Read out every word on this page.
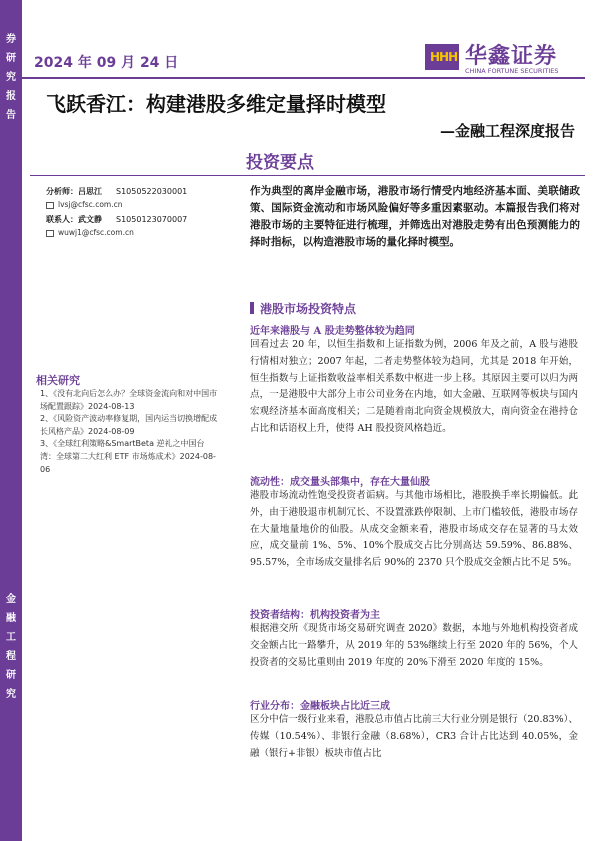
券
研
究
报
告
金
融
工
程
研
究
2024 年 09 月 24 日	HHH 华鑫证券
CHINA FORTUNE SECURITIES
飞跃香江：构建港股多维定量择时模型
—金融工程深度报告
投资要点
分析师：吕思江 S1050522030001
lvsj@cfsc.com.cn
联系人：武文静 S1050123070007
wuwj1@cfsc.com.cn
作为典型的离岸金融市场，港股市场行情受内地经济基本面、美联储政策、国际资金流动和市场风险偏好等多重因素驱动。本篇报告我们将对港股市场的主要特征进行梳理，并筛选出对港股走势有出色预测能力的择时指标，以构造港股市场的量化择时模型。
相关研究
1、《没有北向后怎么办？全球资金流向和对中国市场配置跟踪》2024-08-13
2、《风险资产波动率修复期，国内运当切换增配成长风格产品》2024-08-09
3、《全球红利策略&SmartBeta 逆礼之中国台湾：全球第二大红利 ETF 市场炼成术》2024-08-06
港股市场投资特点
近年来港股与 A 股走势整体较为趋同
回看过去 20 年，以恒生指数和上证指数为例，2006 年及之前，A 股与港股行情相对独立；2007 年起，二者走势整体较为趋同，尤其是 2018 年开始，恒生指数与上证指数收益率相关系数中枢进一步上移。其原因主要可以归为两点，一是港股中大部分上市公司业务在内地，如大金融、互联网等板块与国内宏观经济基本面高度相关；二是随着南北向资金规模放大，南向资金在港持仓占比和话语权上升，使得 AH 股投资风格趋近。
流动性：成交量头部集中，存在大量仙股
港股市场流动性饱受投资者诟病。与其他市场相比，港股换手率长期偏低。此外，由于港股退市机制冗长、不设置涨跌停限制、上市门槛较低，港股市场存在大量地量地价的仙股。从成交金额来看，港股市场成交存在显著的马太效应，成交量前 1%、5%、10%个股成交占比分别高达 59.59%、86.88%、95.57%，全市场成交量排名后 90%的 2370 只个股成交金额占比不足 5%。
投资者结构：机构投资者为主
根据港交所《现货市场交易研究调查 2020》数据，本地与外地机构投资者成交金额占比一路攀升，从 2019 年的 53%继续上行至 2020 年的 56%，个人投资者的交易比重则由 2019 年度的 20%下滑至 2020 年度的 15%。
行业分布：金融板块占比近三成
区分中信一级行业来看，港股总市值占比前三大行业分别是银行（20.83%）、传媒（10.54%）、非银行金融（8.68%），CR3 合计占比达到 40.05%，金融（银行+非银）板块市值占比
